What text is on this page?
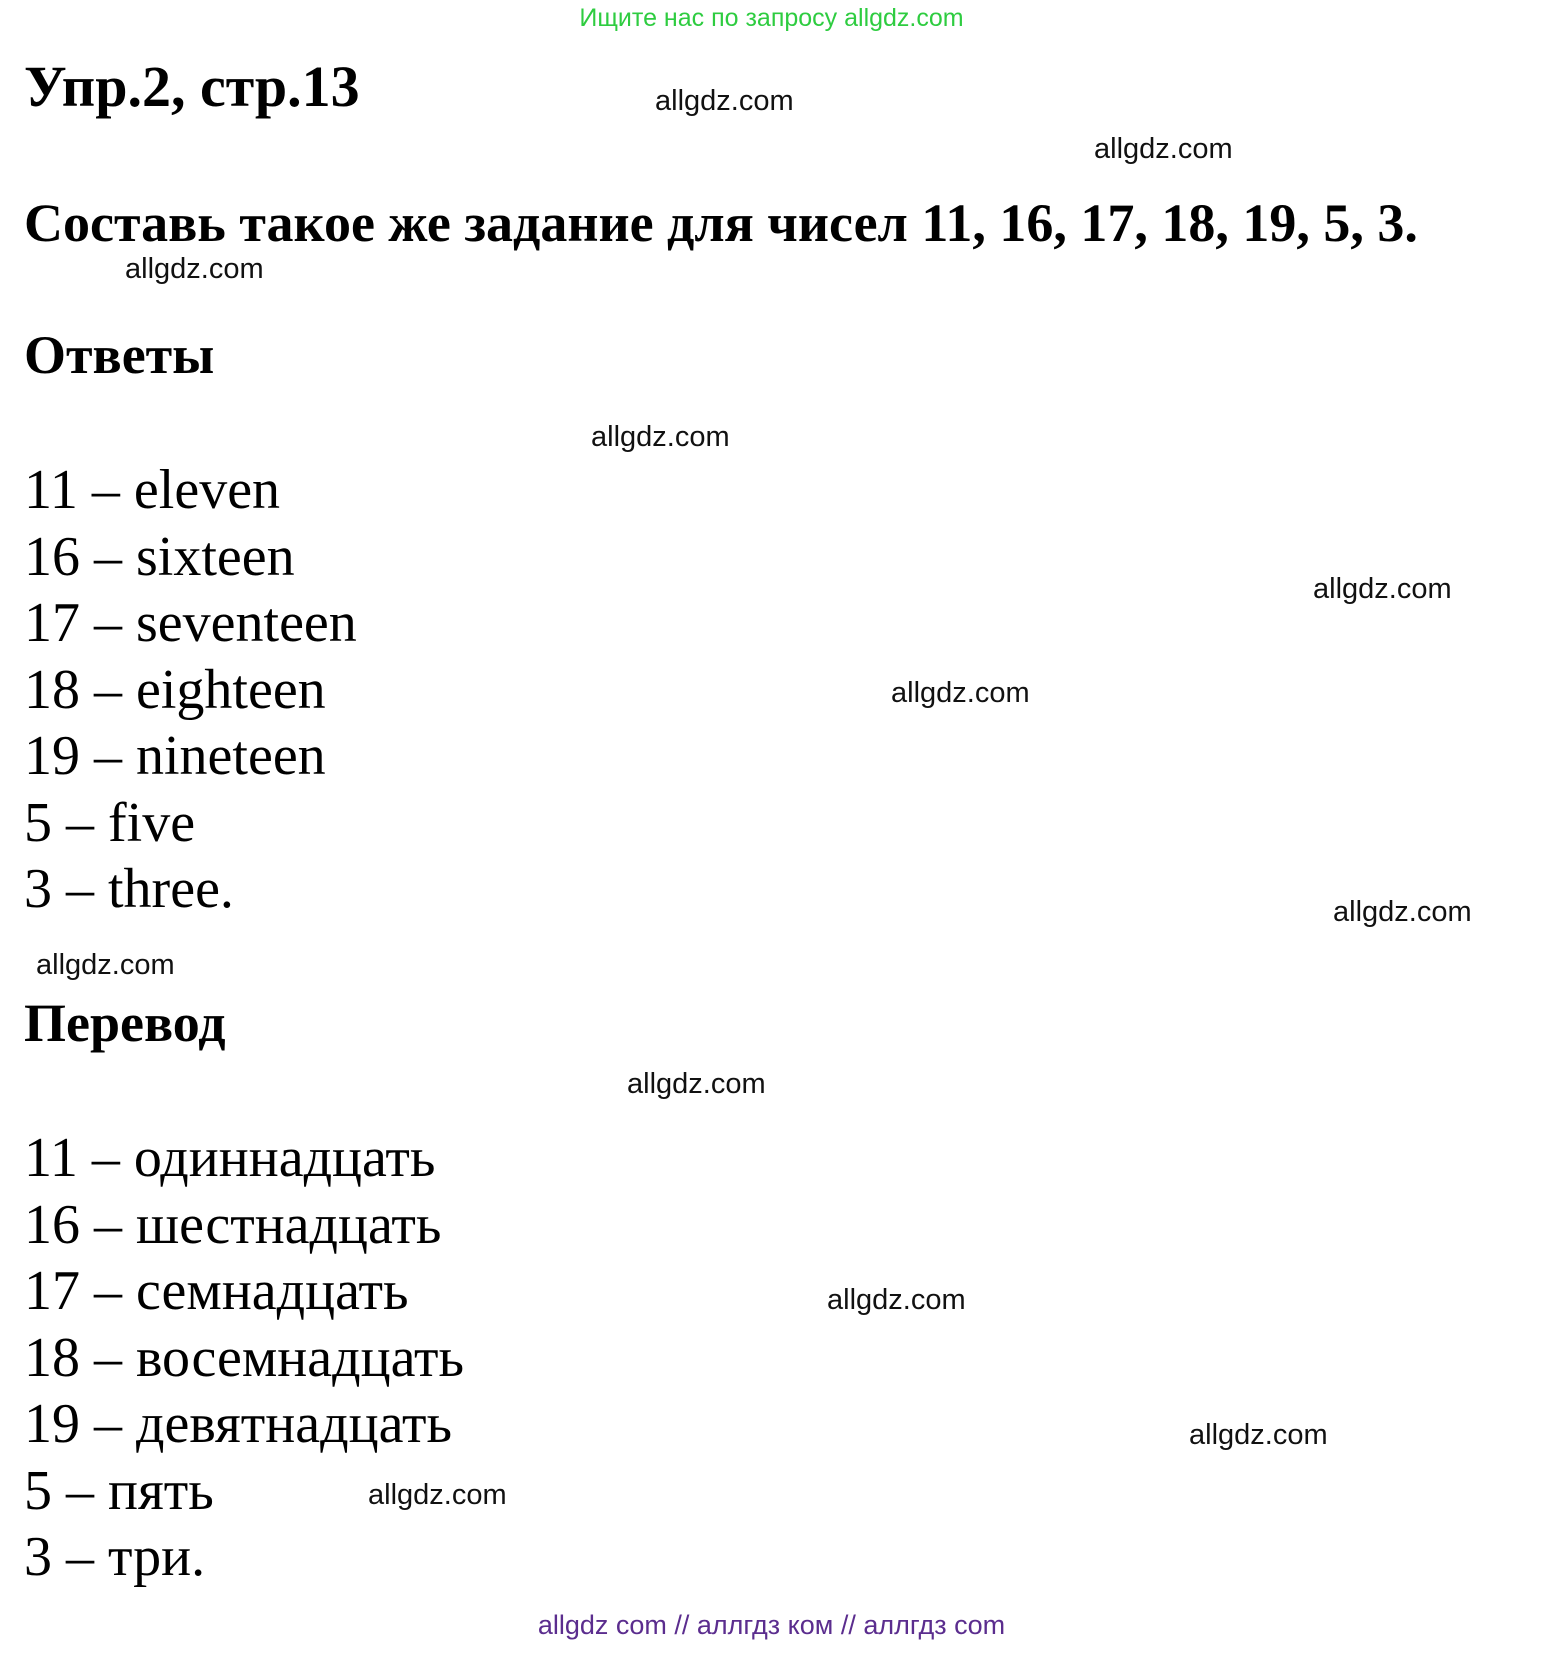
Ищите нас по запросу allgdz.com
Упр.2, стр.13
Составь такое же задание для чисел 11, 16, 17, 18, 19, 5, 3.
Ответы
11 – eleven
16 – sixteen
17 – seventeen
18 – eighteen
19 – nineteen
5 – five
3 – three.
Перевод
11 – одиннадцать
16 – шестнадцать
17 – семнадцать
18 – восемнадцать
19 – девятнадцать
5 – пять
3 – три.
allgdz.com
allgdz.com
allgdz.com
allgdz.com
allgdz.com
allgdz.com
allgdz.com
allgdz.com
allgdz.com
allgdz.com
allgdz.com
allgdz.com
allgdz com // аллгдз ком // аллгдз com
